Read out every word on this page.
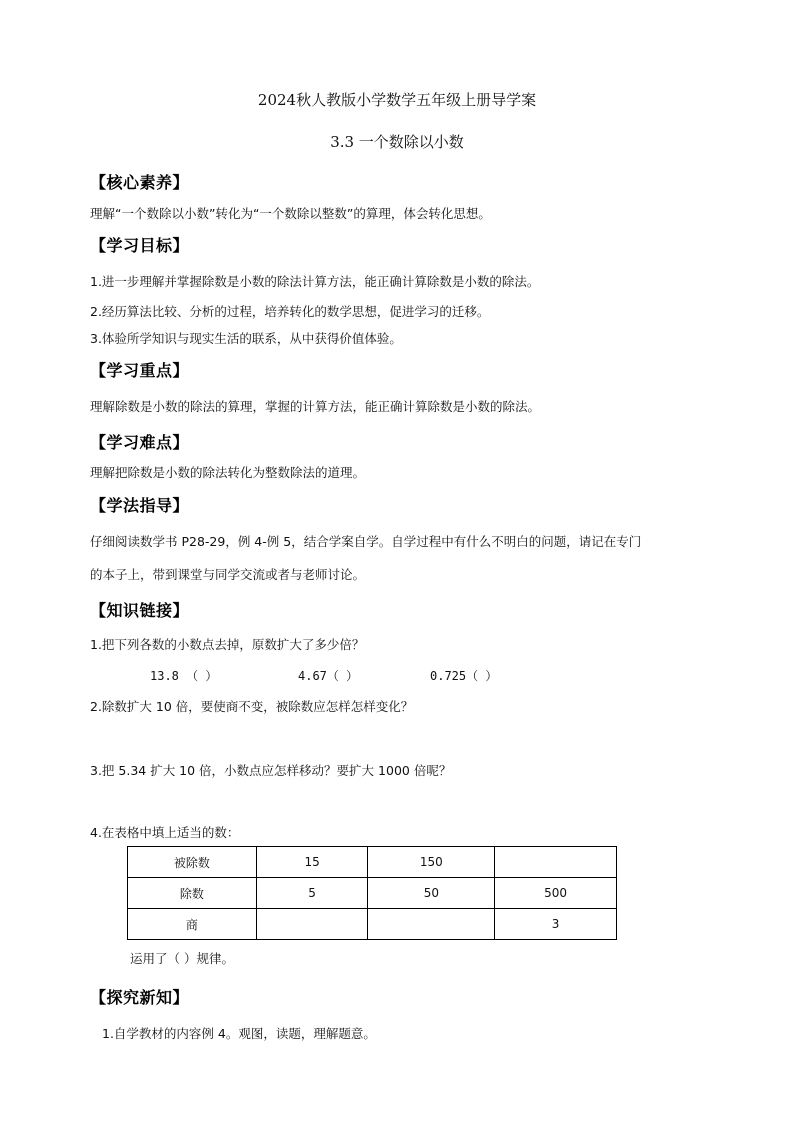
2024秋人教版小学数学五年级上册导学案
3.3 一个数除以小数
【核心素养】
理解“一个数除以小数”转化为“一个数除以整数”的算理，体会转化思想。
【学习目标】
1.进一步理解并掌握除数是小数的除法计算方法，能正确计算除数是小数的除法。
2.经历算法比较、分析的过程，培养转化的数学思想，促进学习的迁移。
3.体验所学知识与现实生活的联系，从中获得价值体验。
【学习重点】
理解除数是小数的除法的算理，掌握的计算方法，能正确计算除数是小数的除法。
【学习难点】
理解把除数是小数的除法转化为整数除法的道理。
【学法指导】
仔细阅读数学书 P28-29，例 4-例 5，结合学案自学。自学过程中有什么不明白的问题，请记在专门
的本子上，带到课堂与同学交流或者与老师讨论。
【知识链接】
1.把下列各数的小数点去掉，原数扩大了多少倍？
13.8 （ ）	4.67（ ）	0.725（ ）
2.除数扩大 10 倍，要使商不变，被除数应怎样怎样变化？
3.把 5.34 扩大 10 倍，小数点应怎样移动？要扩大 1000 倍呢？
4.在表格中填上适当的数：
被除数	15	150	
除数	5	50	500
商			3
运用了（ ）规律。
【探究新知】
1.自学教材的内容例 4。观图，读题，理解题意。
